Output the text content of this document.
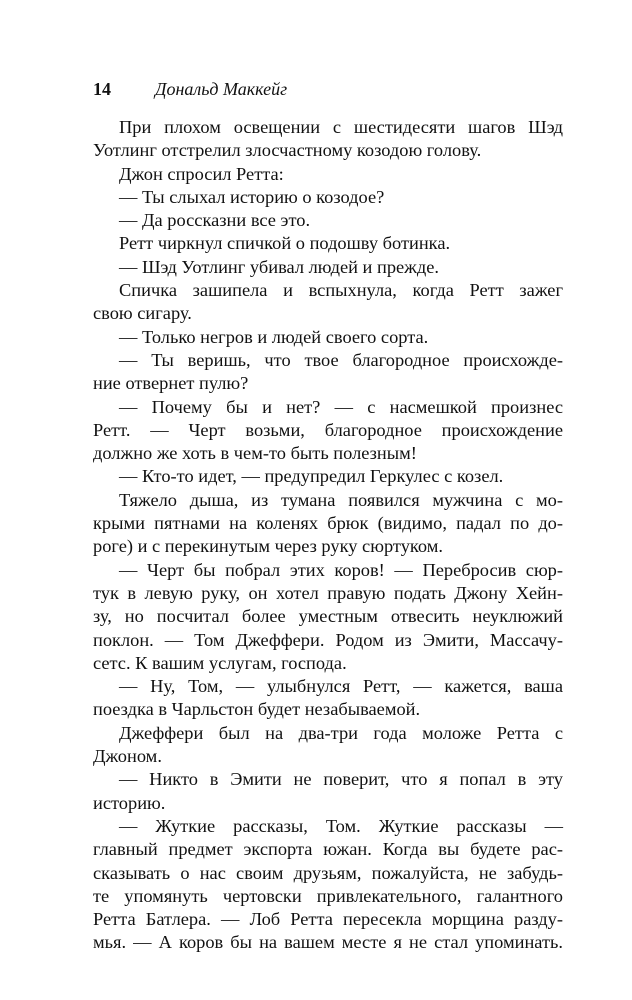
14 Дональд Маккейг
При плохом освещении с шестидесяти шагов Шэд
Уотлинг отстрелил злосчастному козодою голову.
Джон спросил Ретта:
— Ты слыхал историю о козодое?
— Да россказни все это.
Ретт чиркнул спичкой о подошву ботинка.
— Шэд Уотлинг убивал людей и прежде.
Спичка зашипела и вспыхнула, когда Ретт зажег
свою сигару.
— Только негров и людей своего сорта.
— Ты веришь, что твое благородное происхожде-
ние отвернет пулю?
— Почему бы и нет? — с насмешкой произнес
Ретт. — Черт возьми, благородное происхождение
должно же хоть в чем-то быть полезным!
— Кто-то идет, — предупредил Геркулес с козел.
Тяжело дыша, из тумана появился мужчина с мо-
крыми пятнами на коленях брюк (видимо, падал по до-
роге) и с перекинутым через руку сюртуком.
— Черт бы побрал этих коров! — Перебросив сюр-
тук в левую руку, он хотел правую подать Джону Хейн-
зу, но посчитал более уместным отвесить неуклюжий
поклон. — Том Джеффери. Родом из Эмити, Массачу-
сетс. К вашим услугам, господа.
— Ну, Том, — улыбнулся Ретт, — кажется, ваша
поездка в Чарльстон будет незабываемой.
Джеффери был на два-три года моложе Ретта с
Джоном.
— Никто в Эмити не поверит, что я попал в эту
историю.
— Жуткие рассказы, Том. Жуткие рассказы —
главный предмет экспорта южан. Когда вы будете рас-
сказывать о нас своим друзьям, пожалуйста, не забудь-
те упомянуть чертовски привлекательного, галантного
Ретта Батлера. — Лоб Ретта пересекла морщина разду-
мья. — А коров бы на вашем месте я не стал упоминать.
